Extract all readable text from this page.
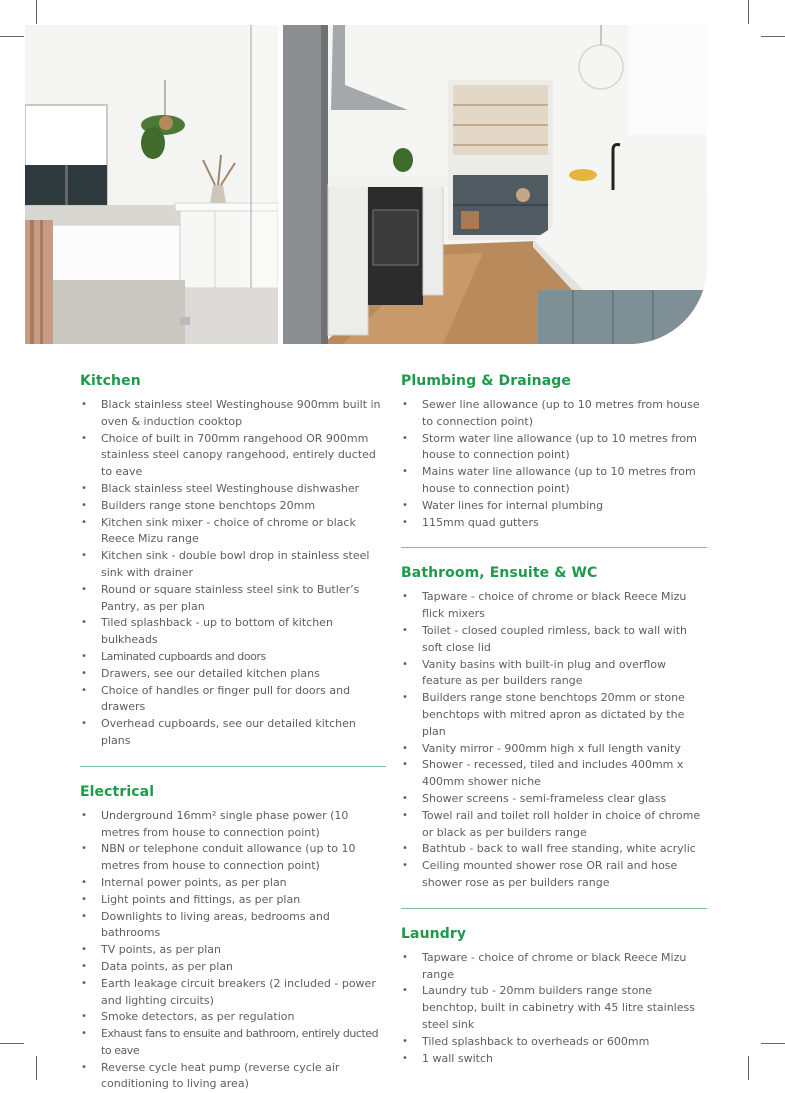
Kitchen
• Black stainless steel Westinghouse 900mm built in oven & induction cooktop
• Choice of built in 700mm rangehood OR 900mm stainless steel canopy rangehood, entirely ducted to eave
• Black stainless steel Westinghouse dishwasher
• Builders range stone benchtops 20mm
• Kitchen sink mixer - choice of chrome or black Reece Mizu range
• Kitchen sink - double bowl drop in stainless steel sink with drainer
• Round or square stainless steel sink to Butler’s Pantry, as per plan
• Tiled splashback - up to bottom of kitchen bulkheads
• Laminated cupboards and doors
• Drawers, see our detailed kitchen plans
• Choice of handles or finger pull for doors and drawers
• Overhead cupboards, see our detailed kitchen plans
Electrical
• Underground 16mm² single phase power (10 metres from house to connection point)
• NBN or telephone conduit allowance (up to 10 metres from house to connection point)
• Internal power points, as per plan
• Light points and fittings, as per plan
• Downlights to living areas, bedrooms and bathrooms
• TV points, as per plan
• Data points, as per plan
• Earth leakage circuit breakers (2 included - power and lighting circuits)
• Smoke detectors, as per regulation
• Exhaust fans to ensuite and bathroom, entirely ducted to eave
• Reverse cycle heat pump (reverse cycle air conditioning to living area)
Plumbing & Drainage
• Sewer line allowance (up to 10 metres from house to connection point)
• Storm water line allowance (up to 10 metres from house to connection point)
• Mains water line allowance (up to 10 metres from house to connection point)
• Water lines for internal plumbing
• 115mm quad gutters
Bathroom, Ensuite & WC
• Tapware - choice of chrome or black Reece Mizu flick mixers
• Toilet - closed coupled rimless, back to wall with soft close lid
• Vanity basins with built-in plug and overflow feature as per builders range
• Builders range stone benchtops 20mm or stone benchtops with mitred apron as dictated by the plan
• Vanity mirror - 900mm high x full length vanity
• Shower - recessed, tiled and includes 400mm x 400mm shower niche
• Shower screens - semi-frameless clear glass
• Towel rail and toilet roll holder in choice of chrome or black as per builders range
• Bathtub - back to wall free standing, white acrylic
• Ceiling mounted shower rose OR rail and hose shower rose as per builders range
Laundry
• Tapware - choice of chrome or black Reece Mizu range
• Laundry tub - 20mm builders range stone benchtop, built in cabinetry with 45 litre stainless steel sink
• Tiled splashback to overheads or 600mm
• 1 wall switch
